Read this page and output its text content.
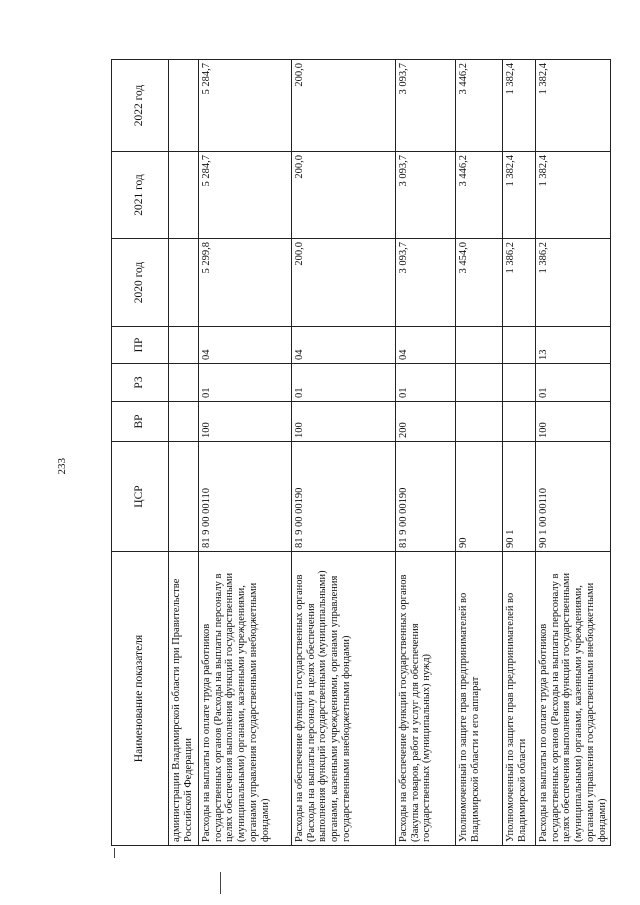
233
Наименование показателя	ЦСР	ВР	РЗ	ПР	2020 год	2021 год	2022 год
администрации Владимирской области при Правительстве Российской Федерации							
Расходы на выплаты по оплате труда работников государственных органов (Расходы на выплаты персоналу в целях обеспечения выполнения функций государственными (муниципальными) органами, казенными учреждениями, органами управления государственными внебюджетными фондами)	81 9 00 00110	100	01	04	5 299,8	5 284,7	5 284,7
Расходы на обеспечение функций государственных органов (Расходы на выплаты персоналу в целях обеспечения выполнения функций государственными (муниципальными) органами, казенными учреждениями, органами управления государственными внебюджетными фондами)	81 9 00 00190	100	01	04	200,0	200,0	200,0
Расходы на обеспечение функций государственных органов (Закупка товаров, работ и услуг для обеспечения государственных (муниципальных) нужд)	81 9 00 00190	200	01	04	3 093,7	3 093,7	3 093,7
Уполномоченный по защите прав предпринимателей во Владимирской области и его аппарат	90				3 454,0	3 446,2	3 446,2
Уполномоченный по защите прав предпринимателей во Владимирской области	90 1				1 386,2	1 382,4	1 382,4
Расходы на выплаты по оплате труда работников государственных органов (Расходы на выплаты персоналу в целях обеспечения выполнения функций государственными (муниципальными) органами, казенными учреждениями, органами управления государственными внебюджетными фондами)	90 1 00 00110	100	01	13	1 386,2	1 382,4	1 382,4
